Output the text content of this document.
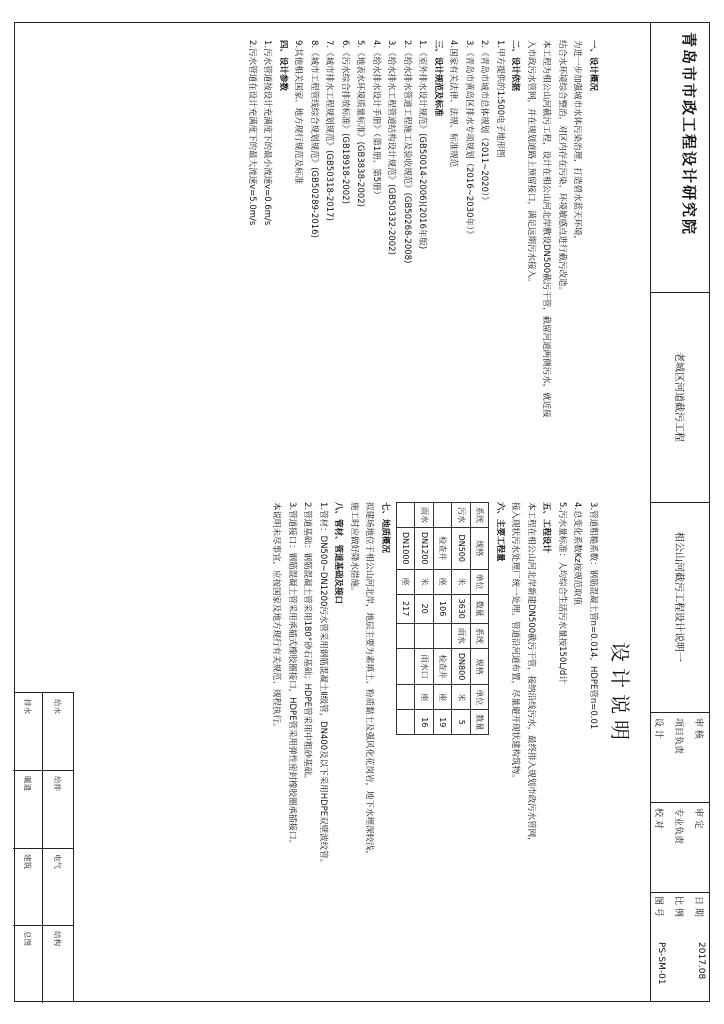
青岛市市政工程设计研究院
老城区河道截污工程
相公山河截污工程设计说明一
审 核
项目负责
设 计
审 定
专业负责
校 对
日 期
2017.08
比 例
图 号
PS-SM-01
设计说明
一、设计概况
为进一步加强城市水体污染治理，打造碧水蓝天环境，
结合水环境综合整治，对区内存在污染、环境敏感点进行截污改造。
本工程为相公山河截污工程，设计在相公山河北岸敷设DN500截污干管，截留河道两侧污水，就近接
入市政污水管网，并在规划道路上预留接口，满足远期污水接入。
二、设计依据
1.甲方提供的1:500电子地形图
2.《青岛市城市总体规划（2011~2020）》
3.《青岛市黄岛区排水专项规划（2016~2030年）》
4.国家有关法律、法规、标准规范
三、设计规范及标准
1.《室外排水设计规范》(GB50014-2006)(2016年版)
2.《给水排水管道工程施工及验收规范》(GB50268-2008)
3.《给水排水工程管道结构设计规范》(GB50332-2002)
4.《给水排水设计手册》（第1册、第5册）
5.《地表水环境质量标准》(GB3838-2002)
6.《污水综合排放标准》(GB18918-2002)
7.《城市排水工程规划规范》(GB50318-2017)
8.《城市工程管线综合规划规范》(GB50289-2016)
9.其他相关国家、地方现行规范及标准
四、设计参数
1.污水管道按设计充满度下的最小流速v=0.6m/s
2.污水管道在设计充满度下的最大流速v=5.0m/s
3.管道粗糙系数：钢筋混凝土管n=0.014，HDPE管n=0.01
4.总变化系数Kz按规范取值
5.污水量标准：人均综合生活污水量按150L/d计
五、工程设计
本工程在相公山河北岸新建DN500截污干管，接纳沿线污水，最终排入规划市政污水管网，
接入现状污水处理厂统一处理。管道沿河道布置，尽量避开现状建构筑物。
六、主要工程量
系统	规格	单位	数量	系统	规格	单位	数量
污水	DN500	米	3630	雨水	DN800	米	5
	检查井	座	106		检查井	座	19
雨水	DN1200	米	20		雨水口	座	16
	DN1000	座	217				
七、地质概况
拟建场地位于相公山河北岸，地层主要为素填土、粉质黏土及强风化花岗岩，地下水埋深较浅，
施工时应做好降水措施。
八、管材、管道基础及接口
1.管材：DN500~DN1200污水管采用钢筋混凝土Ⅱ级管，DN400及以下采用HDPE双壁波纹管。
2.管道基础：钢筋混凝土管采用180°砂石基础；HDPE管采用中粗砂基础。
3.管道接口：钢筋混凝土管采用承插式橡胶圈接口，HDPE管采用弹性密封橡胶圈承插接口。
本说明未尽事宜，应按国家及地方现行有关规范、规程执行。
给水
排水
给排
暖通
电气
建筑
结构
总图
